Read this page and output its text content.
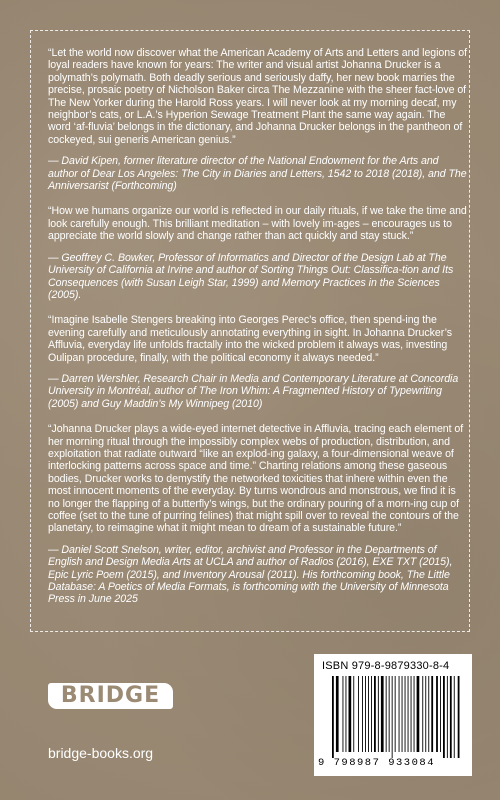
“Let the world now discover what the American Academy of Arts and Letters and legions of loyal readers have known for years: The writer and visual artist Johanna Drucker is a polymath’s polymath. Both deadly serious and seriously daffy, her new book marries the precise, prosaic poetry of Nicholson Baker circa The Mezzanine with the sheer fact-love of The New Yorker during the Harold Ross years. I will never look at my morning decaf, my neighbor’s cats, or L.A.’s Hyperion Sewage Treatment Plant the same way again. The word ‘af-fluvia’ belongs in the dictionary, and Johanna Drucker belongs in the pantheon of cockeyed, sui generis American genius.”

— David Kipen, former literature director of the National Endowment for the Arts and author of Dear Los Angeles: The City in Diaries and Letters, 1542 to 2018 (2018), and The Anniversarist (Forthcoming)

“How we humans organize our world is reflected in our daily rituals, if we take the time and look carefully enough. This brilliant meditation – with lovely im-ages – encourages us to appreciate the world slowly and change rather than act quickly and stay stuck.”

— Geoffrey C. Bowker, Professor of Informatics and Director of the Design Lab at The University of California at Irvine and author of Sorting Things Out: Classifica-tion and Its Consequences (with Susan Leigh Star, 1999) and Memory Practices in the Sciences (2005).

“Imagine Isabelle Stengers breaking into Georges Perec’s office, then spend-ing the evening carefully and meticulously annotating everything in sight. In Johanna Drucker’s Affluvia, everyday life unfolds fractally into the wicked problem it always was, investing Oulipan procedure, finally, with the political economy it always needed.”

— Darren Wershler, Research Chair in Media and Contemporary Literature at Concordia University in Montréal, author of The Iron Whim: A Fragmented History of Typewriting (2005) and Guy Maddin’s My Winnipeg (2010)

“Johanna Drucker plays a wide-eyed internet detective in Affluvia, tracing each element of her morning ritual through the impossibly complex webs of production, distribution, and exploitation that radiate outward “like an explod-ing galaxy, a four-dimensional weave of interlocking patterns across space and time.” Charting relations among these gaseous bodies, Drucker works to demystify the networked toxicities that inhere within even the most innocent moments of the everyday. By turns wondrous and monstrous, we find it is no longer the flapping of a butterfly’s wings, but the ordinary pouring of a morn-ing cup of coffee (set to the tune of purring felines) that might spill over to reveal the contours of the planetary, to reimagine what it might mean to dream of a sustainable future.”

— Daniel Scott Snelson, writer, editor, archivist and Professor in the Departments of English and Design Media Arts at UCLA and author of Radios (2016), EXE TXT (2015), Epic Lyric Poem (2015), and Inventory Arousal (2011). His forthcoming book, The Little Database: A Poetics of Media Formats, is forthcoming with the University of Minnesota Press in June 2025

BRIDGE
bridge-books.org
ISBN 979-8-9879330-8-4
9 798987 933084
